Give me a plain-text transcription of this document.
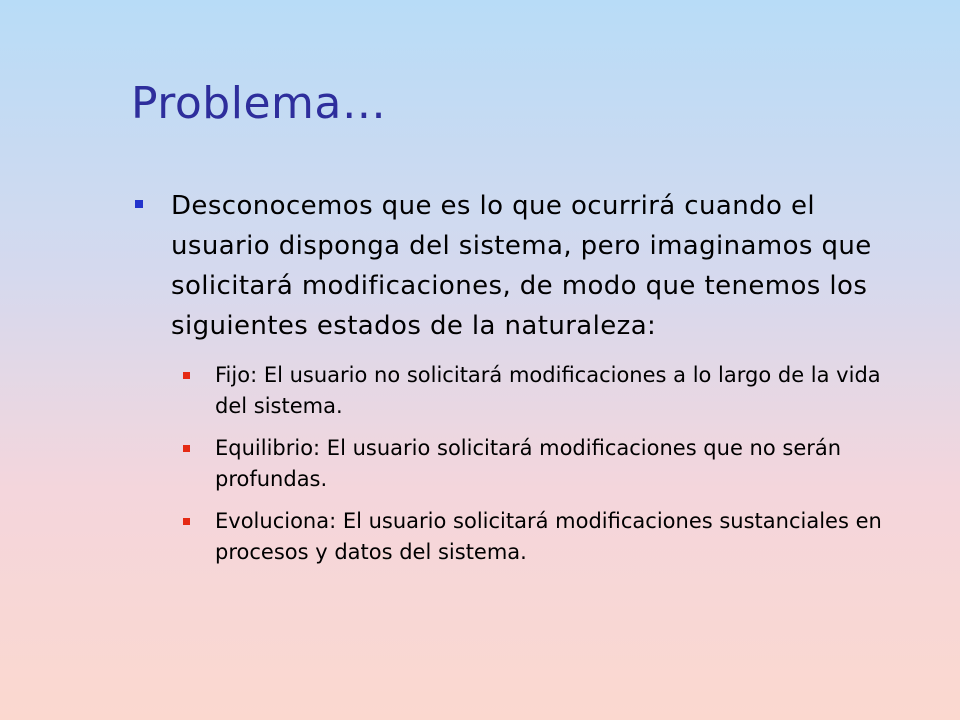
Problema…
Desconocemos que es lo que ocurrirá cuando el usuario disponga del sistema, pero imaginamos que solicitará modificaciones, de modo que tenemos los siguientes estados de la naturaleza:
Fijo: El usuario no solicitará modificaciones a lo largo de la vida del sistema.
Equilibrio: El usuario solicitará modificaciones que no serán profundas.
Evoluciona: El usuario solicitará modificaciones sustanciales en procesos y datos del sistema.
